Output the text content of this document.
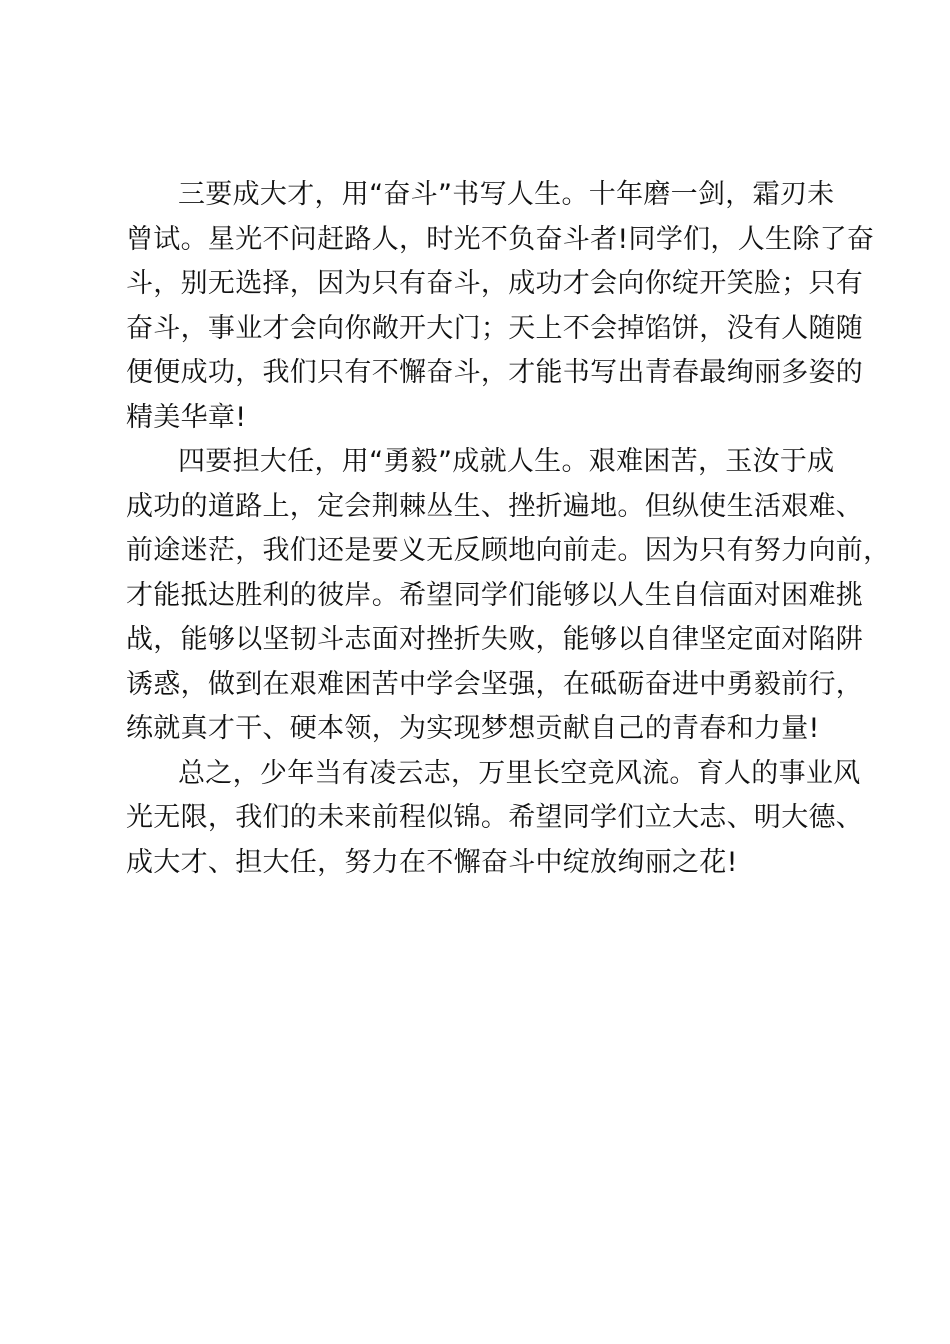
三要成大才，用“奋斗”书写人生。十年磨一剑，霜刃未
曾试。星光不问赶路人，时光不负奋斗者!同学们，人生除了奋
斗，别无选择，因为只有奋斗，成功才会向你绽开笑脸；只有
奋斗，事业才会向你敞开大门；天上不会掉馅饼，没有人随随
便便成功，我们只有不懈奋斗，才能书写出青春最绚丽多姿的
精美华章!
四要担大任，用“勇毅”成就人生。艰难困苦，玉汝于成
成功的道路上，定会荆棘丛生、挫折遍地。但纵使生活艰难、
前途迷茫，我们还是要义无反顾地向前走。因为只有努力向前，
才能抵达胜利的彼岸。希望同学们能够以人生自信面对困难挑
战，能够以坚韧斗志面对挫折失败，能够以自律坚定面对陷阱
诱惑，做到在艰难困苦中学会坚强，在砥砺奋进中勇毅前行，
练就真才干、硬本领，为实现梦想贡献自己的青春和力量!
总之，少年当有凌云志，万里长空竞风流。育人的事业风
光无限，我们的未来前程似锦。希望同学们立大志、明大德、
成大才、担大任，努力在不懈奋斗中绽放绚丽之花!
